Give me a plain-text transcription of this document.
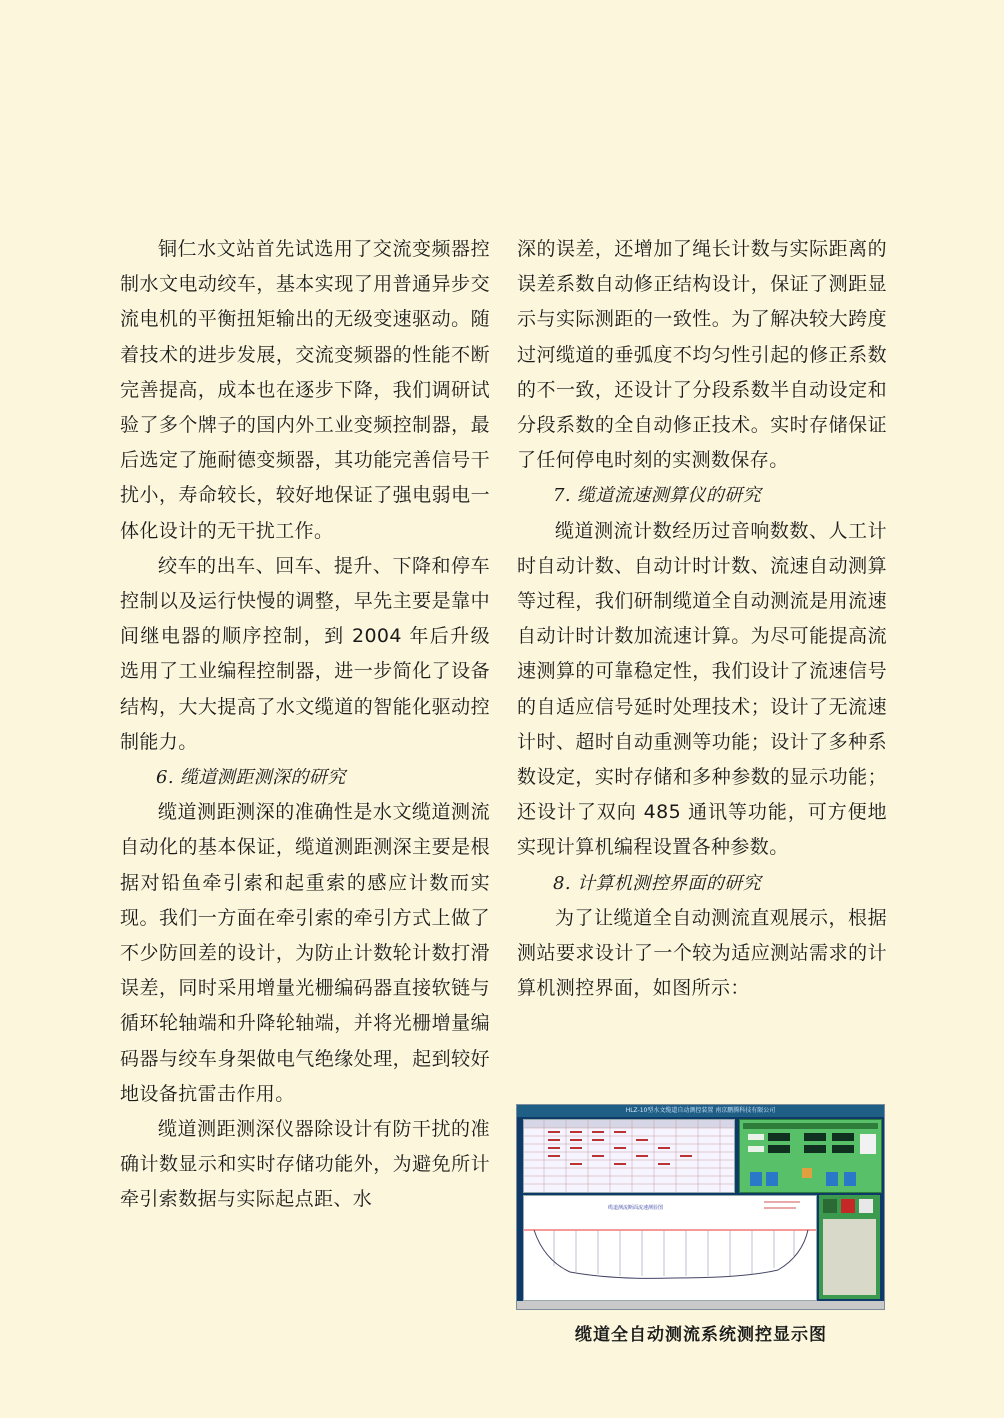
铜仁水文站首先试选用了交流变频器控制水文电动绞车，基本实现了用普通异步交流电机的平衡扭矩输出的无级变速驱动。随着技术的进步发展，交流变频器的性能不断完善提高，成本也在逐步下降，我们调研试验了多个牌子的国内外工业变频控制器，最后选定了施耐德变频器，其功能完善信号干扰小，寿命较长，较好地保证了强电弱电一体化设计的无干扰工作。

绞车的出车、回车、提升、下降和停车控制以及运行快慢的调整，早先主要是靠中间继电器的顺序控制，到 2004 年后升级选用了工业编程控制器，进一步简化了设备结构，大大提高了水文缆道的智能化驱动控制能力。

6. 缆道测距测深的研究

缆道测距测深的准确性是水文缆道测流自动化的基本保证，缆道测距测深主要是根据对铅鱼牵引索和起重索的感应计数而实现。我们一方面在牵引索的牵引方式上做了不少防回差的设计，为防止计数轮计数打滑误差，同时采用增量光栅编码器直接软链与循环轮轴端和升降轮轴端，并将光栅增量编码器与绞车身架做电气绝缘处理，起到较好地设备抗雷击作用。

缆道测距测深仪器除设计有防干扰的准确计数显示和实时存储功能外，为避免所计牵引索数据与实际起点距、水

深的误差，还增加了绳长计数与实际距离的误差系数自动修正结构设计，保证了测距显示与实际测距的一致性。为了解决较大跨度过河缆道的垂弧度不均匀性引起的修正系数的不一致，还设计了分段系数半自动设定和分段系数的全自动修正技术。实时存储保证了任何停电时刻的实测数保存。

7. 缆道流速测算仪的研究

缆道测流计数经历过音响数数、人工计时自动计数、自动计时计数、流速自动测算等过程，我们研制缆道全自动测流是用流速自动计时计数加流速计算。为尽可能提高流速测算的可靠稳定性，我们设计了流速信号的自适应信号延时处理技术；设计了无流速计时、超时自动重测等功能；设计了多种系数设定，实时存储和多种参数的显示功能；还设计了双向 485 通讯等功能，可方便地实现计算机编程设置各种参数。

8. 计算机测控界面的研究

为了让缆道全自动测流直观展示，根据测站要求设计了一个较为适应测站需求的计算机测控界面，如图所示：

HLZ-10型水文缆道自动测控装置 南京鹏腾科技有限公司
缆道测流断面流速测验图
缆道全自动测流系统测控显示图
